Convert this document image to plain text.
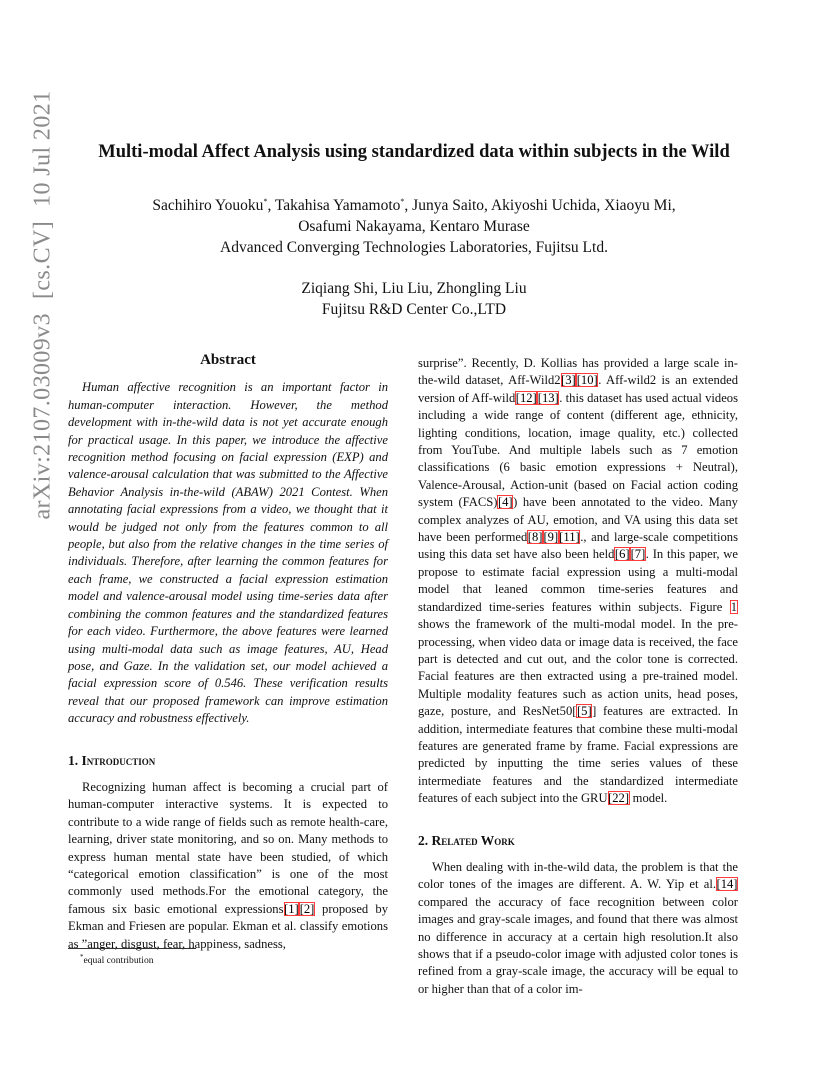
arXiv:2107.03009v3[cs.CV]10 Jul 2021	Multi-modal Affect Analysis using standardized data within subjects in the Wild
Sachihiro Youoku*, Takahisa Yamamoto*, Junya Saito, Akiyoshi Uchida, Xiaoyu Mi,
Osafumi Nakayama, Kentaro Murase
Advanced Converging Technologies Laboratories, Fujitsu Ltd.
Ziqiang Shi, Liu Liu, Zhongling Liu
Fujitsu R&D Center Co.,LTD
Abstract

Human affective recognition is an important factor in human-computer interaction. However, the method development with in-the-wild data is not yet accurate enough for practical usage. In this paper, we introduce the affective recognition method focusing on facial expression (EXP) and valence-arousal calculation that was submitted to the Affective Behavior Analysis in-the-wild (ABAW) 2021 Contest. When annotating facial expressions from a video, we thought that it would be judged not only from the features common to all people, but also from the relative changes in the time series of individuals. Therefore, after learning the common features for each frame, we constructed a facial expression estimation model and valence-arousal model using time-series data after combining the common features and the standardized features for each video. Furthermore, the above features were learned using multi-modal data such as image features, AU, Head pose, and Gaze. In the validation set, our model achieved a facial expression score of 0.546. These verification results reveal that our proposed framework can improve estimation accuracy and robustness effectively.

1. Introduction

Recognizing human affect is becoming a crucial part of human-computer interactive systems. It is expected to contribute to a wide range of fields such as remote health-care, learning, driver state monitoring, and so on. Many methods to express human mental state have been studied, of which “categorical emotion classification” is one of the most commonly used methods.For the emotional category, the famous six basic emotional expressions[1][2] proposed by Ekman and Friesen are popular. Ekman et al. classify emotions as ”anger, disgust, fear, happiness, sadness,

surprise”. Recently, D. Kollias has provided a large scale in-the-wild dataset, Aff-Wild2[3][10]. Aff-wild2 is an extended version of Aff-wild[12][13]. this dataset has used actual videos including a wide range of content (different age, ethnicity, lighting conditions, location, image quality, etc.) collected from YouTube. And multiple labels such as 7 emotion classifications (6 basic emotion expressions + Neutral), Valence-Arousal, Action-unit (based on Facial action coding system (FACS)[4]) have been annotated to the video. Many complex analyzes of AU, emotion, and VA using this data set have been performed[8][9][11]., and large-scale competitions using this data set have also been held[6][7]. In this paper, we propose to estimate facial expression using a multi-modal model that leaned common time-series features and standardized time-series features within subjects. Figure 1 shows the framework of the multi-modal model. In the pre-processing, when video data or image data is received, the face part is detected and cut out, and the color tone is corrected. Facial features are then extracted using a pre-trained model. Multiple modality features such as action units, head poses, gaze, posture, and ResNet50[[5]] features are extracted. In addition, intermediate features that combine these multi-modal features are generated frame by frame. Facial expressions are predicted by inputting the time series values of these intermediate features and the standardized intermediate features of each subject into the GRU[22] model.

2. Related Work

When dealing with in-the-wild data, the problem is that the color tones of the images are different. A. W. Yip et al.[14] compared the accuracy of face recognition between color images and gray-scale images, and found that there was almost no difference in accuracy at a certain high resolution.It also shows that if a pseudo-color image with adjusted color tones is refined from a gray-scale image, the accuracy will be equal to or higher than that of a color im-

*equal contribution
